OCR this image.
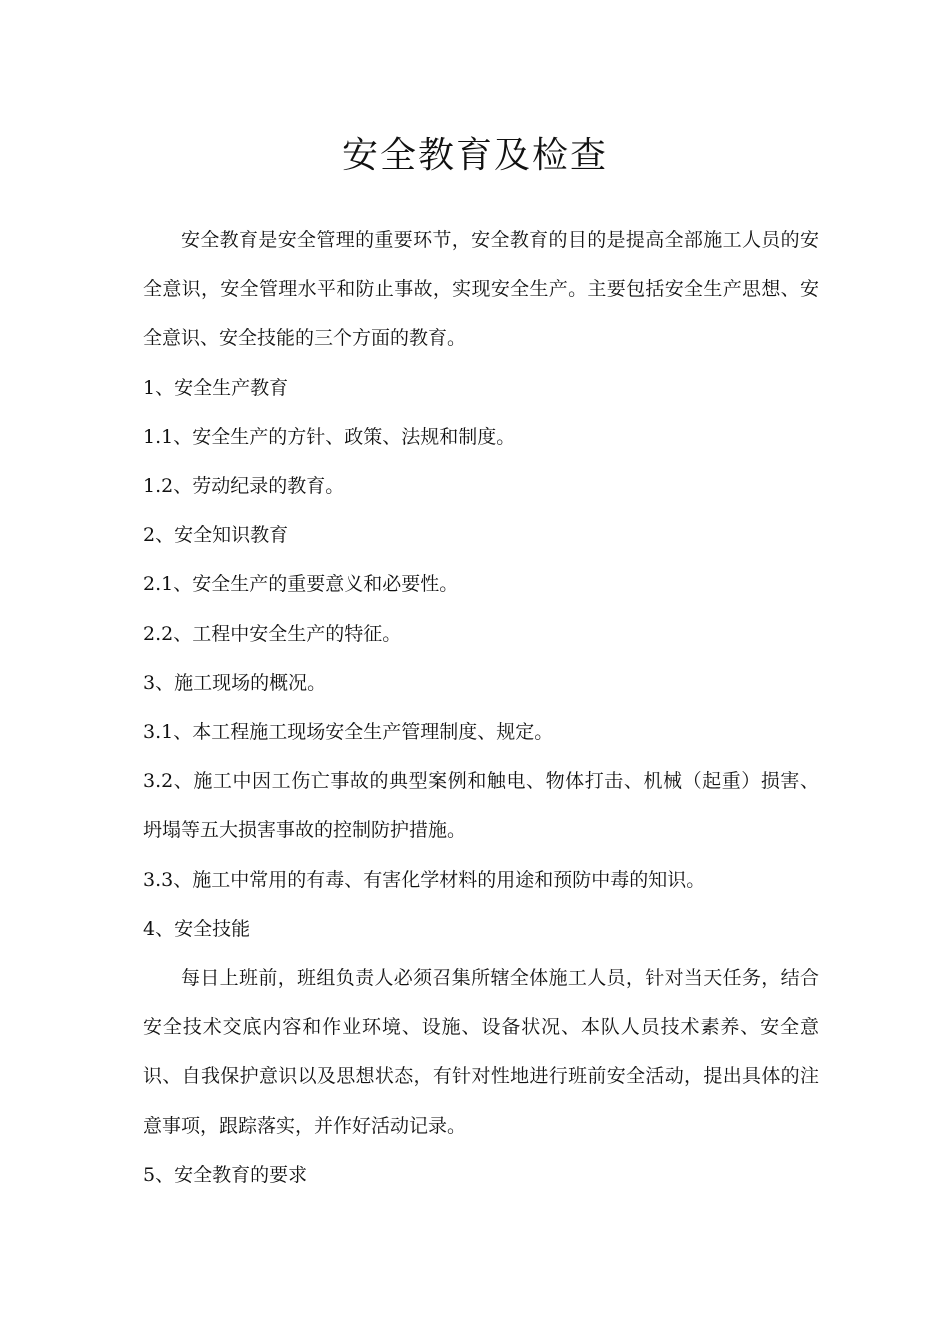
安全教育及检查

安全教育是安全管理的重要环节，安全教育的目的是提高全部施工人员的安全意识，安全管理水平和防止事故，实现安全生产。主要包括安全生产思想、安全意识、安全技能的三个方面的教育。

1、安全生产教育

1.1、安全生产的方针、政策、法规和制度。

1.2、劳动纪录的教育。

2、安全知识教育

2.1、安全生产的重要意义和必要性。

2.2、工程中安全生产的特征。

3、施工现场的概况。

3.1、本工程施工现场安全生产管理制度、规定。

3.2、施工中因工伤亡事故的典型案例和触电、物体打击、机械（起重）损害、坍塌等五大损害事故的控制防护措施。

3.3、施工中常用的有毒、有害化学材料的用途和预防中毒的知识。

4、安全技能

每日上班前，班组负责人必须召集所辖全体施工人员，针对当天任务，结合安全技术交底内容和作业环境、设施、设备状况、本队人员技术素养、安全意识、自我保护意识以及思想状态，有针对性地进行班前安全活动，提出具体的注意事项，跟踪落实，并作好活动记录。

5、安全教育的要求
